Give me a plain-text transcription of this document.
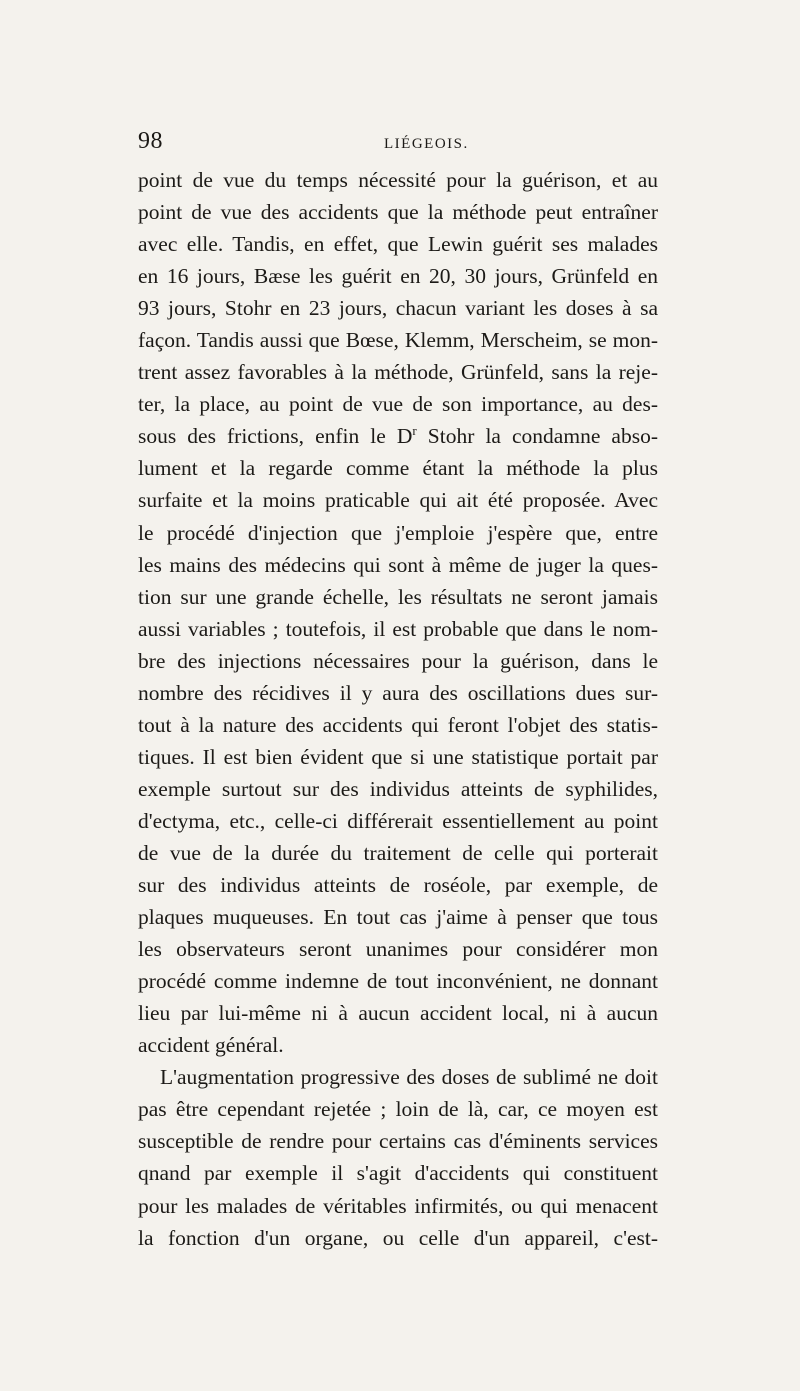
98	LIÉGEOIS.
point de vue du temps nécessité pour la guérison, et au
point de vue des accidents que la méthode peut entraîner
avec elle. Tandis, en effet, que Lewin guérit ses malades
en 16 jours, Bæse les guérit en 20, 30 jours, Grünfeld en
93 jours, Stohr en 23 jours, chacun variant les doses à sa
façon. Tandis aussi que Bœse, Klemm, Merscheim, se mon-
trent assez favorables à la méthode, Grünfeld, sans la reje-
ter, la place, au point de vue de son importance, au des-
sous des frictions, enfin le $D^r$ Stohr la condamne abso-
lument et la regarde comme étant la méthode la plus
surfaite et la moins praticable qui ait été proposée. Avec
le procédé d'injection que j'emploie j'espère que, entre
les mains des médecins qui sont à même de juger la ques-
tion sur une grande échelle, les résultats ne seront jamais
aussi variables ; toutefois, il est probable que dans le nom-
bre des injections nécessaires pour la guérison, dans le
nombre des récidives il y aura des oscillations dues sur-
tout à la nature des accidents qui feront l'objet des statis-
tiques. Il est bien évident que si une statistique portait par
exemple surtout sur des individus atteints de syphilides,
d'ectyma, etc., celle-ci différerait essentiellement au point
de vue de la durée du traitement de celle qui porterait
sur des individus atteints de roséole, par exemple, de
plaques muqueuses. En tout cas j'aime à penser que tous
les observateurs seront unanimes pour considérer mon
procédé comme indemne de tout inconvénient, ne donnant
lieu par lui-même ni à aucun accident local, ni à aucun
accident général.
L'augmentation progressive des doses de sublimé ne doit
pas être cependant rejetée ; loin de là, car, ce moyen est
susceptible de rendre pour certains cas d'éminents services
qnand par exemple il s'agit d'accidents qui constituent
pour les malades de véritables infirmités, ou qui menacent
la fonction d'un organe, ou celle d'un appareil, c'est-
